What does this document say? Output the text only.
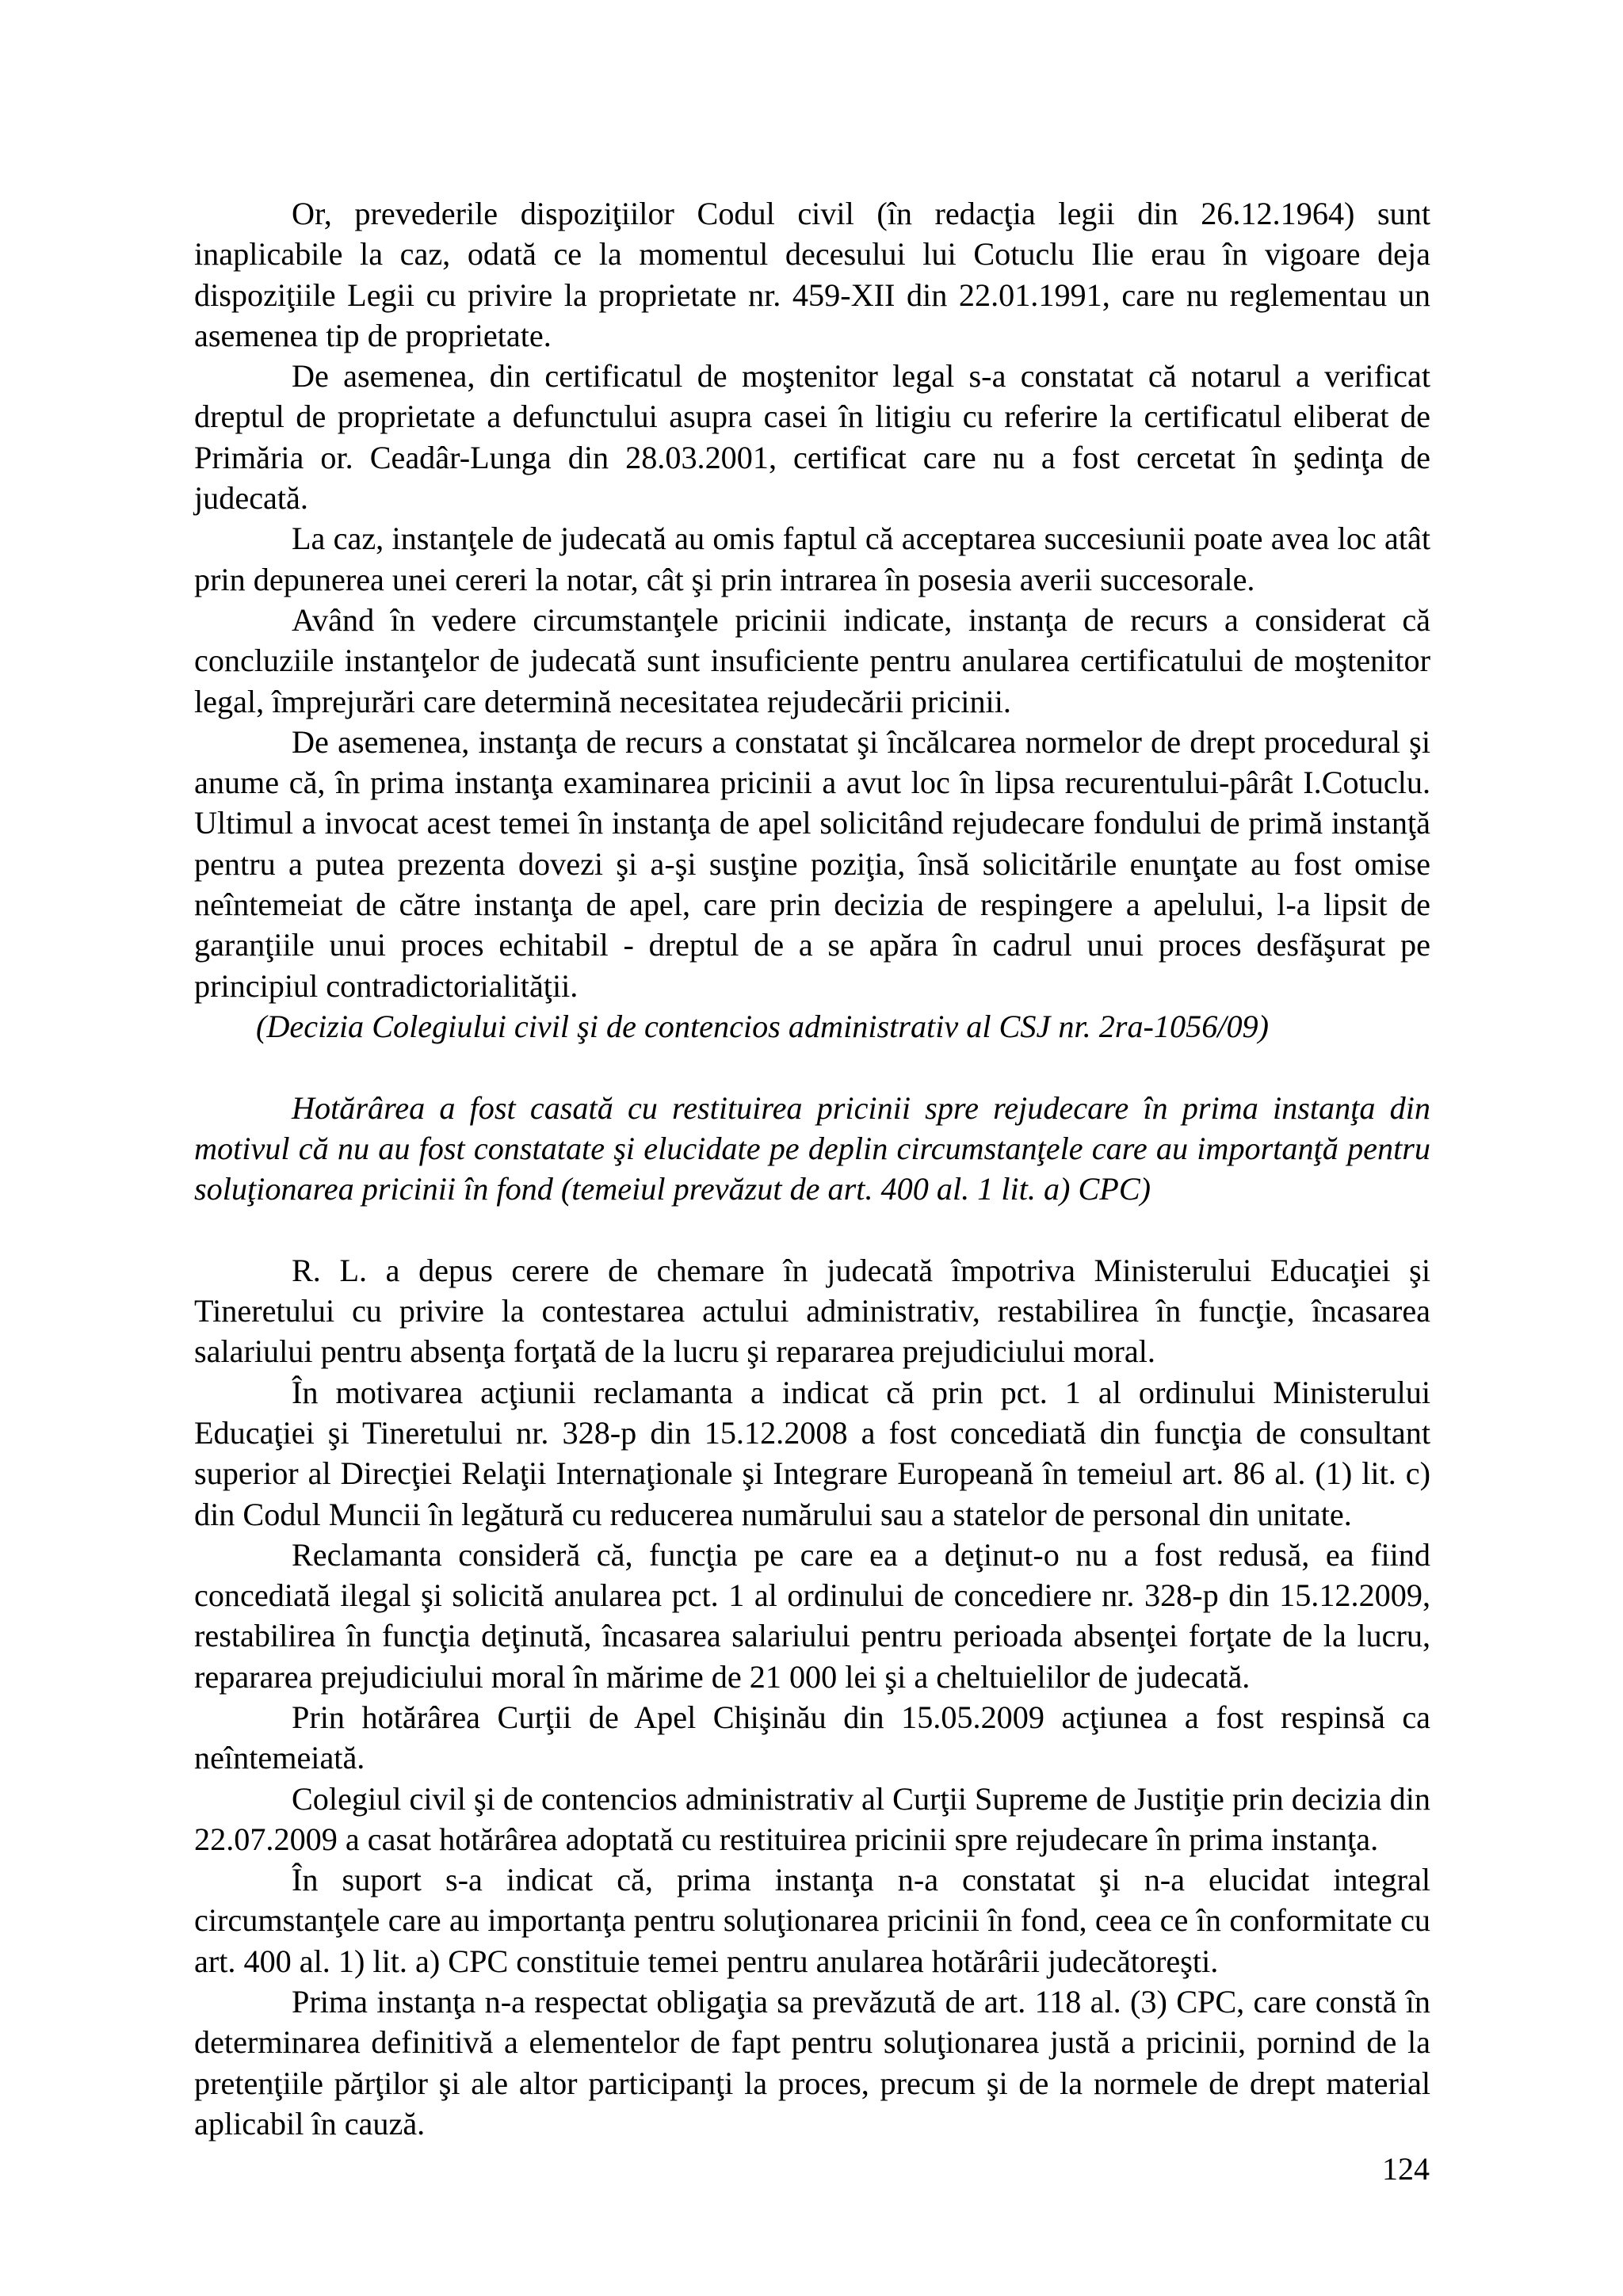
Or, prevederile dispoziţiilor Codul civil (în redacţia legii din 26.12.1964) sunt inaplicabile la caz, odată ce la momentul decesului lui Cotuclu Ilie erau în vigoare deja dispoziţiile Legii cu privire la proprietate nr. 459-XII din 22.01.1991, care nu reglementau un asemenea tip de proprietate.

De asemenea, din certificatul de moştenitor legal s-a constatat că notarul a verificat dreptul de proprietate a defunctului asupra casei în litigiu cu referire la certificatul eliberat de Primăria or. Ceadâr-Lunga din 28.03.2001, certificat care nu a fost cercetat în şedinţa de judecată.

La caz, instanţele de judecată au omis faptul că acceptarea succesiunii poate avea loc atât prin depunerea unei cereri la notar, cât şi prin intrarea în posesia averii succesorale.

Având în vedere circumstanţele pricinii indicate, instanţa de recurs a considerat că concluziile instanţelor de judecată sunt insuficiente pentru anularea certificatului de moştenitor legal, împrejurări care determină necesitatea rejudecării pricinii.

De asemenea, instanţa de recurs a constatat şi încălcarea normelor de drept procedural şi anume că, în prima instanţa examinarea pricinii a avut loc în lipsa recurentului-pârât I.Cotuclu. Ultimul a invocat acest temei în instanţa de apel solicitând rejudecare fondului de primă instanţă pentru a putea prezenta dovezi şi a-şi susţine poziţia, însă solicitările enunţate au fost omise neîntemeiat de către instanţa de apel, care prin decizia de respingere a apelului, l-a lipsit de garanţiile unui proces echitabil - dreptul de a se apăra în cadrul unui proces desfăşurat pe principiul contradictorialităţii.

(Decizia Colegiului civil şi de contencios administrativ al CSJ nr. 2ra-1056/09)

Hotărârea a fost casată cu restituirea pricinii spre rejudecare în prima instanţa din motivul că nu au fost constatate şi elucidate pe deplin circumstanţele care au importanţă pentru soluţionarea pricinii în fond (temeiul prevăzut de art. 400 al. 1 lit. a) CPC)

R. L. a depus cerere de chemare în judecată împotriva Ministerului Educaţiei şi Tineretului cu privire la contestarea actului administrativ, restabilirea în funcţie, încasarea salariului pentru absenţa forţată de la lucru şi repararea prejudiciului moral.

În motivarea acţiunii reclamanta a indicat că prin pct. 1 al ordinului Ministerului Educaţiei şi Tineretului nr. 328-p din 15.12.2008 a fost concediată din funcţia de consultant superior al Direcţiei Relaţii Internaţionale şi Integrare Europeană în temeiul art. 86 al. (1) lit. c) din Codul Muncii în legătură cu reducerea numărului sau a statelor de personal din unitate.

Reclamanta consideră că, funcţia pe care ea a deţinut-o nu a fost redusă, ea fiind concediată ilegal şi solicită anularea pct. 1 al ordinului de concediere nr. 328-p din 15.12.2009, restabilirea în funcţia deţinută, încasarea salariului pentru perioada absenţei forţate de la lucru, repararea prejudiciului moral în mărime de 21 000 lei şi a cheltuielilor de judecată.

Prin hotărârea Curţii de Apel Chişinău din 15.05.2009 acţiunea a fost respinsă ca neîntemeiată.

Colegiul civil şi de contencios administrativ al Curţii Supreme de Justiţie prin decizia din 22.07.2009 a casat hotărârea adoptată cu restituirea pricinii spre rejudecare în prima instanţa.

În suport s-a indicat că, prima instanţa n-a constatat şi n-a elucidat integral circumstanţele care au importanţa pentru soluţionarea pricinii în fond, ceea ce în conformitate cu art. 400 al. 1) lit. a) CPC constituie temei pentru anularea hotărârii judecătoreşti.

Prima instanţa n-a respectat obligaţia sa prevăzută de art. 118 al. (3) CPC, care constă în determinarea definitivă a elementelor de fapt pentru soluţionarea justă a pricinii, pornind de la pretenţiile părţilor şi ale altor participanţi la proces, precum şi de la normele de drept material aplicabil în cauză.

124
